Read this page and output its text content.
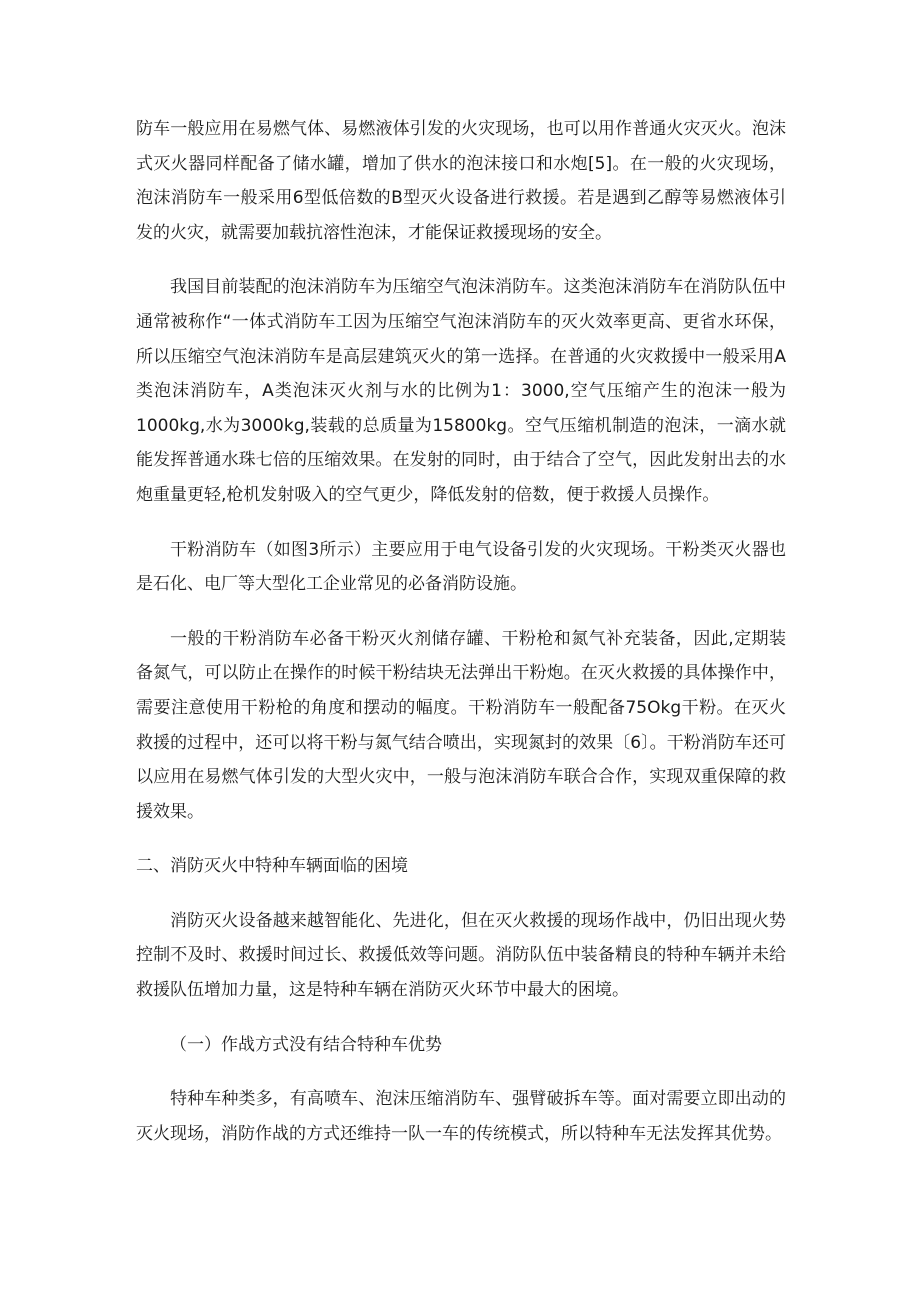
防车一般应用在易燃气体、易燃液体引发的火灾现场，也可以用作普通火灾灭火。泡沫式灭火器同样配备了储水罐，增加了供水的泡沫接口和水炮[5]。在一般的火灾现场，泡沫消防车一般采用6型低倍数的B型灭火设备进行救援。若是遇到乙醇等易燃液体引发的火灾，就需要加载抗溶性泡沫，才能保证救援现场的安全。

我国目前装配的泡沫消防车为压缩空气泡沫消防车。这类泡沫消防车在消防队伍中通常被称作“一体式消防车工因为压缩空气泡沫消防车的灭火效率更高、更省水环保，所以压缩空气泡沫消防车是高层建筑灭火的第一选择。在普通的火灾救援中一般采用A类泡沫消防车，A类泡沫灭火剂与水的比例为1：3000,空气压缩产生的泡沫一般为1000kg,水为3000kg,装载的总质量为15800kg。空气压缩机制造的泡沫，一滴水就能发挥普通水珠七倍的压缩效果。在发射的同时，由于结合了空气，因此发射出去的水炮重量更轻,枪机发射吸入的空气更少，降低发射的倍数，便于救援人员操作。

干粉消防车（如图3所示）主要应用于电气设备引发的火灾现场。干粉类灭火器也是石化、电厂等大型化工企业常见的必备消防设施。

一般的干粉消防车必备干粉灭火剂储存罐、干粉枪和氮气补充装备，因此,定期装备氮气，可以防止在操作的时候干粉结块无法弹出干粉炮。在灭火救援的具体操作中，需要注意使用干粉枪的角度和摆动的幅度。干粉消防车一般配备75Okg干粉。在灭火救援的过程中，还可以将干粉与氮气结合喷出，实现氮封的效果〔6〕。干粉消防车还可以应用在易燃气体引发的大型火灾中，一般与泡沫消防车联合合作，实现双重保障的救援效果。

二、消防灭火中特种车辆面临的困境

消防灭火设备越来越智能化、先进化，但在灭火救援的现场作战中，仍旧出现火势控制不及时、救援时间过长、救援低效等问题。消防队伍中装备精良的特种车辆并未给救援队伍增加力量，这是特种车辆在消防灭火环节中最大的困境。

（一）作战方式没有结合特种车优势

特种车种类多，有高喷车、泡沫压缩消防车、强臂破拆车等。面对需要立即出动的灭火现场，消防作战的方式还维持一队一车的传统模式，所以特种车无法发挥其优势。
